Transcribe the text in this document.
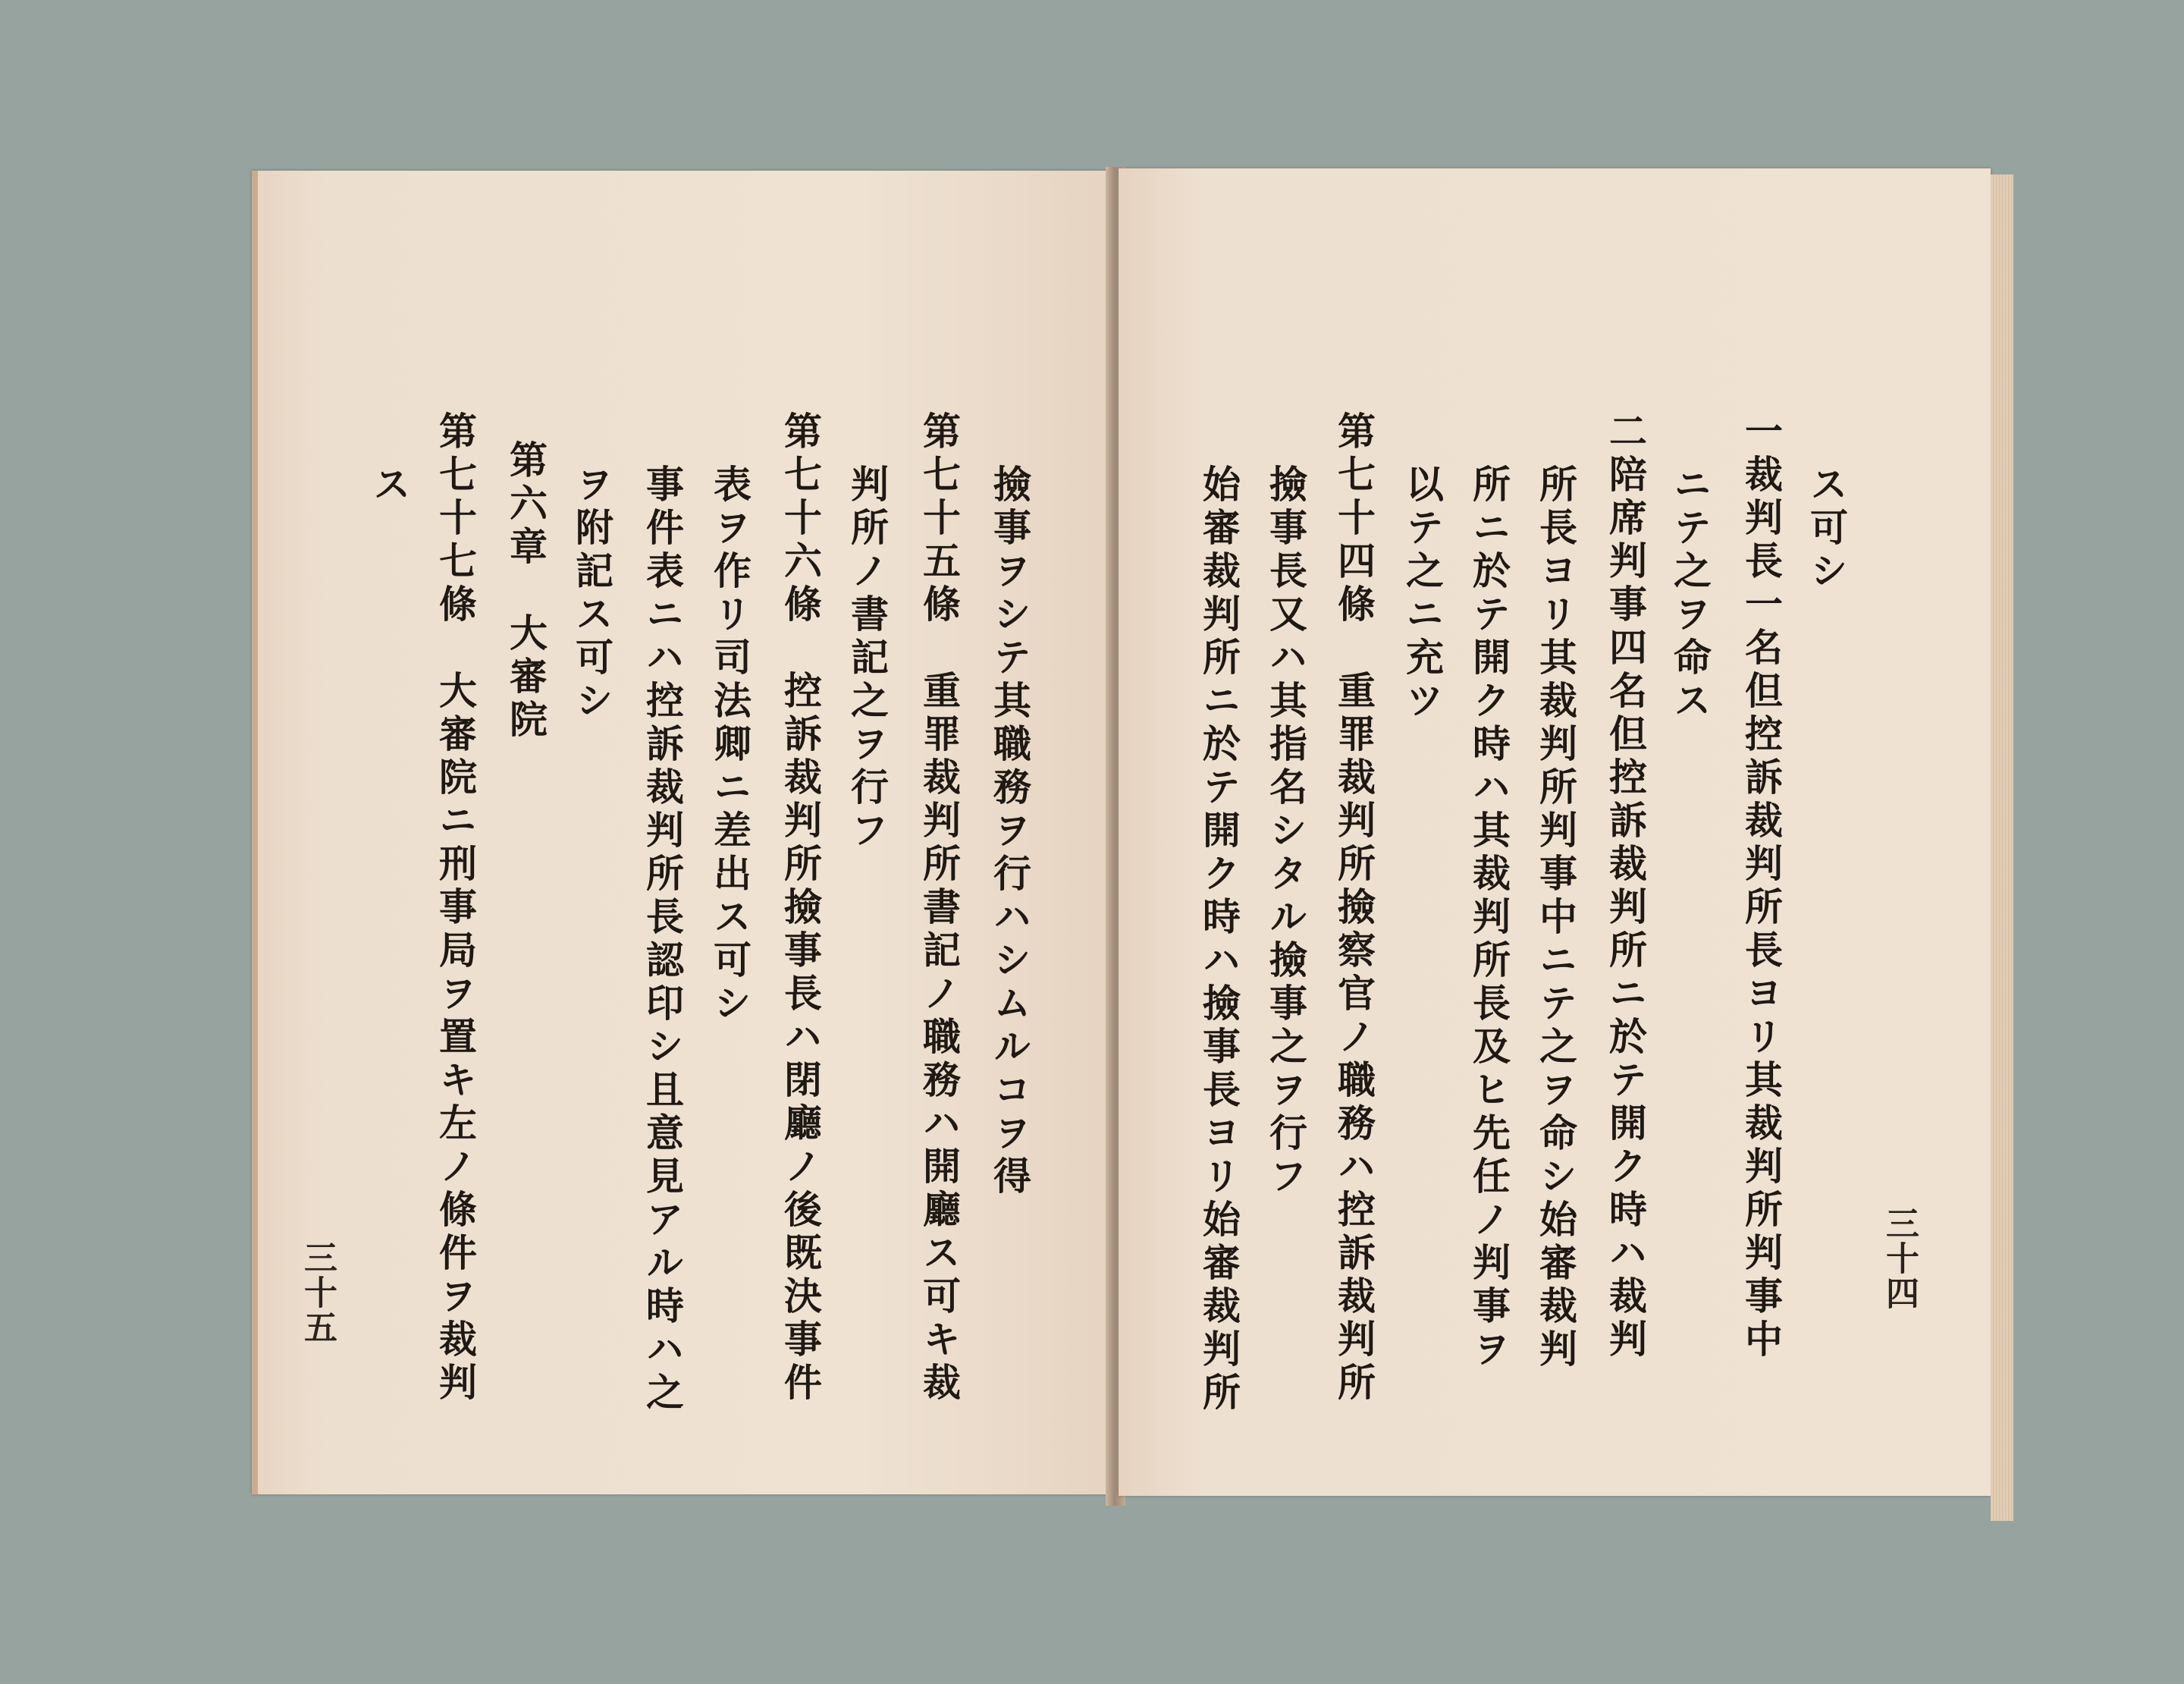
撿事ヲシテ其職務ヲ行ハシムルコヲ得
第七十五條　重罪裁判所書記ノ職務ハ開廳ス可キ裁
判所ノ書記之ヲ行フ
第七十六條　控訴裁判所撿事長ハ閉廳ノ後既決事件
表ヲ作リ司法卿ニ差出ス可シ
事件表ニハ控訴裁判所長認印シ且意見アル時ハ之
ヲ附記ス可シ
第六章　大審院
第七十七條　大審院ニ刑事局ヲ置キ左ノ條件ヲ裁判
ス
三十五
ス可シ
一裁判長一名但控訴裁判所長ヨリ其裁判所判事中
ニテ之ヲ命ス
二陪席判事四名但控訴裁判所ニ於テ開ク時ハ裁判
所長ヨリ其裁判所判事中ニテ之ヲ命シ始審裁判
所ニ於テ開ク時ハ其裁判所長及ヒ先任ノ判事ヲ
以テ之ニ充ツ
第七十四條　重罪裁判所撿察官ノ職務ハ控訴裁判所
撿事長又ハ其指名シタル撿事之ヲ行フ
始審裁判所ニ於テ開ク時ハ撿事長ヨリ始審裁判所	三十四
